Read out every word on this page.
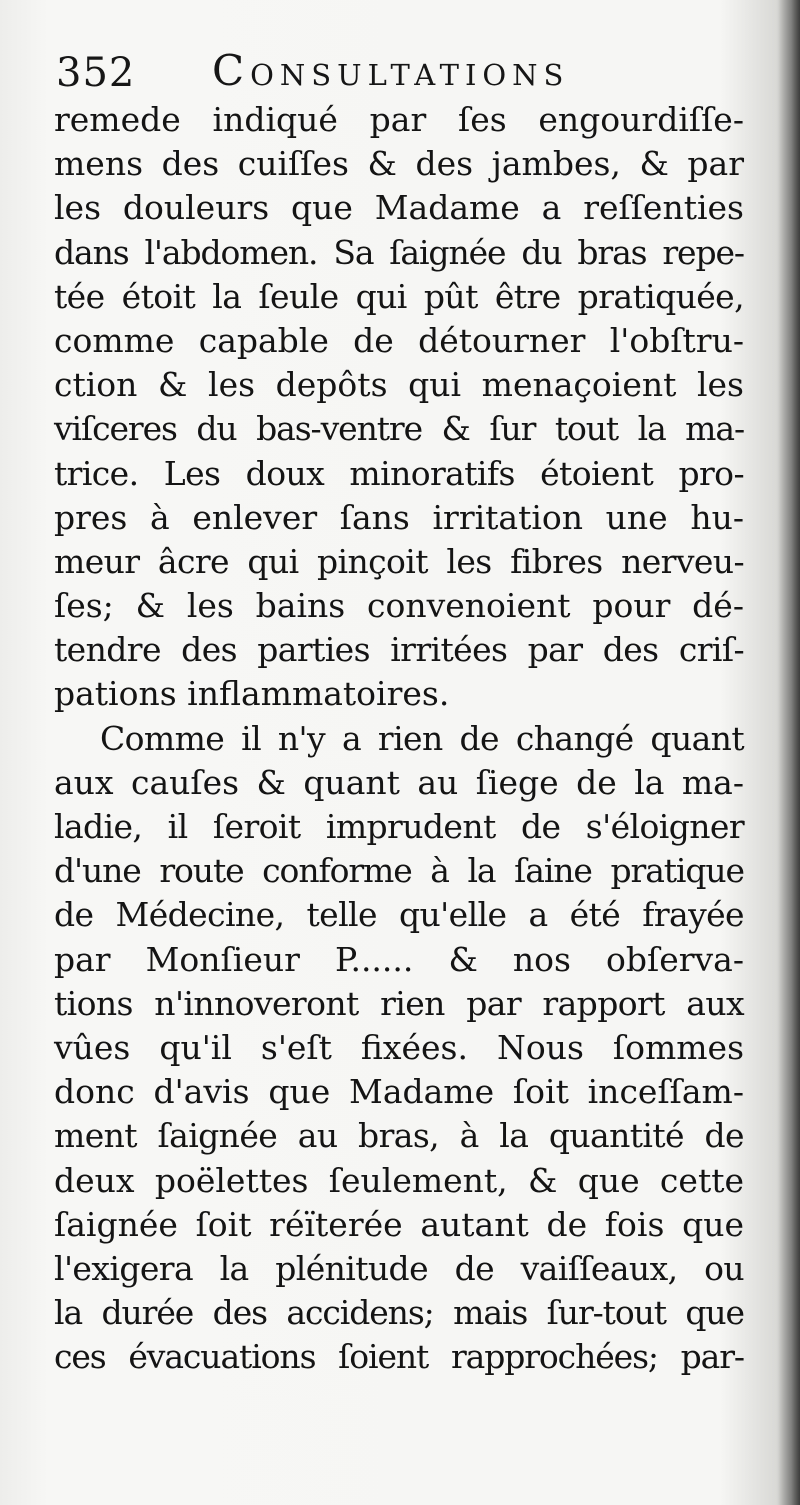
352 Consultations
remede indiqué par ſes engourdiſſe-
mens des cuiſſes & des jambes, & par
les douleurs que Madame a reſſenties
dans l'abdomen. Sa ſaignée du bras repe-
tée étoit la ſeule qui pût être pratiquée,
comme capable de détourner l'obſtru-
ction & les depôts qui menaçoient les
viſceres du bas-ventre & ſur tout la ma-
trice. Les doux minoratifs étoient pro-
pres à enlever ſans irritation une hu-
meur âcre qui pinçoit les fibres nerveu-
ſes; & les bains convenoient pour dé-
tendre des parties irritées par des criſ-
pations inflammatoires.
Comme il n'y a rien de changé quant
aux cauſes & quant au ſiege de la ma-
ladie, il ſeroit imprudent de s'éloigner
d'une route conforme à la ſaine pratique
de Médecine, telle qu'elle a été frayée
par Monſieur P...... & nos obſerva-
tions n'innoveront rien par rapport aux
vûes qu'il s'eſt fixées. Nous ſommes
donc d'avis que Madame ſoit inceſſam-
ment ſaignée au bras, à la quantité de
deux poëlettes ſeulement, & que cette
ſaignée ſoit réïterée autant de fois que
l'exigera la plénitude de vaiſſeaux, ou
la durée des accidens; mais ſur-tout que
ces évacuations ſoient rapprochées; par-
